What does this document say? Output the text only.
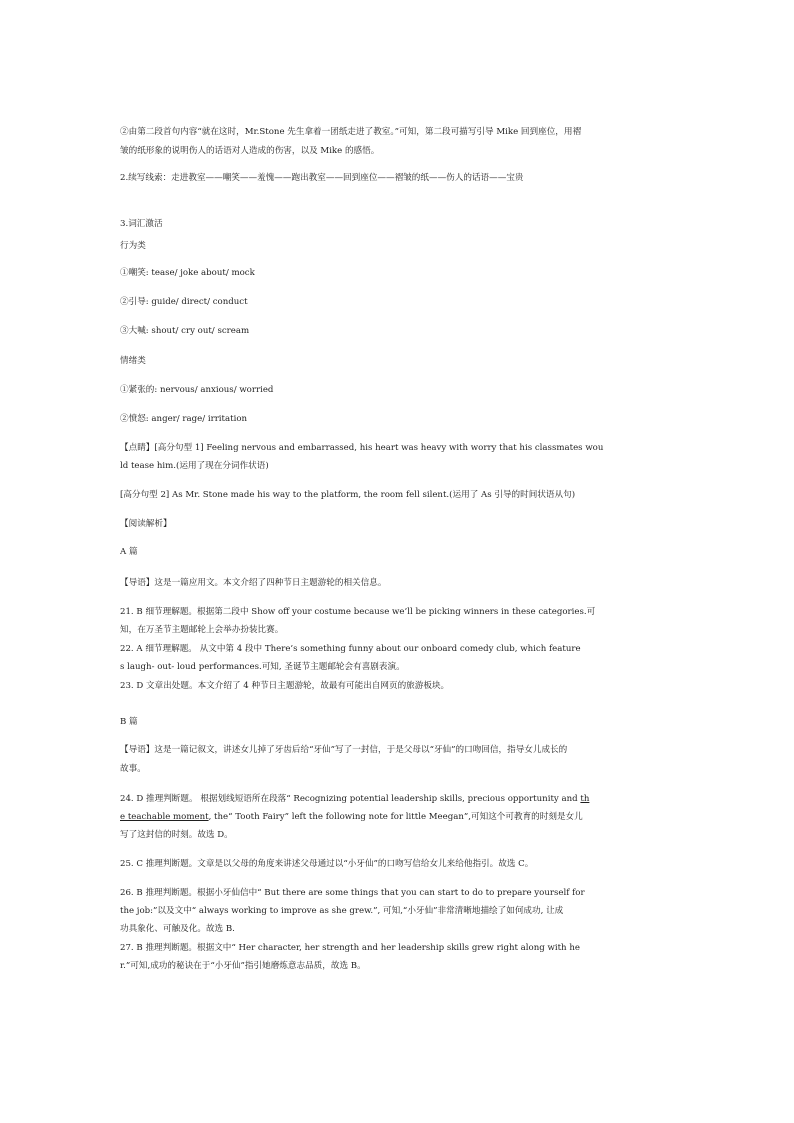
②由第二段首句内容“就在这时，Mr.Stone 先生拿着一团纸走进了教室。”可知，第二段可描写引导 Mike 回到座位，用褶
皱的纸形象的说明伤人的话语对人造成的伤害，以及 Mike 的感悟。
2.续写线索：走进教室——嘲笑——羞愧——跑出教室——回到座位——褶皱的纸——伤人的话语——宝贵
3.词汇激活
行为类
①嘲笑: tease/ joke about/ mock
②引导: guide/ direct/ conduct
③大喊: shout/ cry out/ scream
情绪类
①紧张的: nervous/ anxious/ worried
②愤怒: anger/ rage/ irritation
【点睛】[高分句型 1] Feeling nervous and embarrassed, his heart was heavy with worry that his classmates wou
ld tease him.(运用了现在分词作状语)
[高分句型 2] As Mr. Stone made his way to the platform, the room fell silent.(运用了 As 引导的时间状语从句)
【阅读解析】
A 篇
【导语】这是一篇应用文。本文介绍了四种节日主题游轮的相关信息。
21. B 细节理解题。根据第二段中 Show off your costume because we’ll be picking winners in these categories.可
知，在万圣节主题邮轮上会举办扮装比赛。
22. A 细节理解题。 从文中第 4 段中 There’s something funny about our onboard comedy club, which feature
s laugh- out- loud performances.可知, 圣诞节主题邮轮会有喜剧表演。
23. D 文章出处题。本文介绍了 4 种节日主题游轮，故最有可能出自网页的旅游板块。
B 篇
【导语】这是一篇记叙文，讲述女儿掉了牙齿后给“牙仙”写了一封信，于是父母以“牙仙”的口吻回信，指导女儿成长的
故事。
24. D 推理判断题。 根据划线短语所在段落“ Recognizing potential leadership skills, precious opportunity and th
e teachable moment, the“ Tooth Fairy” left the following note for little Meegan”,可知这个可教育的时刻是女儿
写了这封信的时刻。故选 D。
25. C 推理判断题。文章是以父母的角度来讲述父母通过以“小牙仙”的口吻写信给女儿来给他指引。故选 C。
26. B 推理判断题。根据小牙仙信中“ But there are some things that you can start to do to prepare yourself for
the job:”以及文中“ always working to improve as she grew.”, 可知,“小牙仙”非常清晰地描绘了如何成功, 让成
功具象化、可触及化。故选 B.
27. B 推理判断题。根据文中“ Her character, her strength and her leadership skills grew right along with he
r.”可知,成功的秘诀在于“小牙仙”指引她磨炼意志品质，故选 B。
